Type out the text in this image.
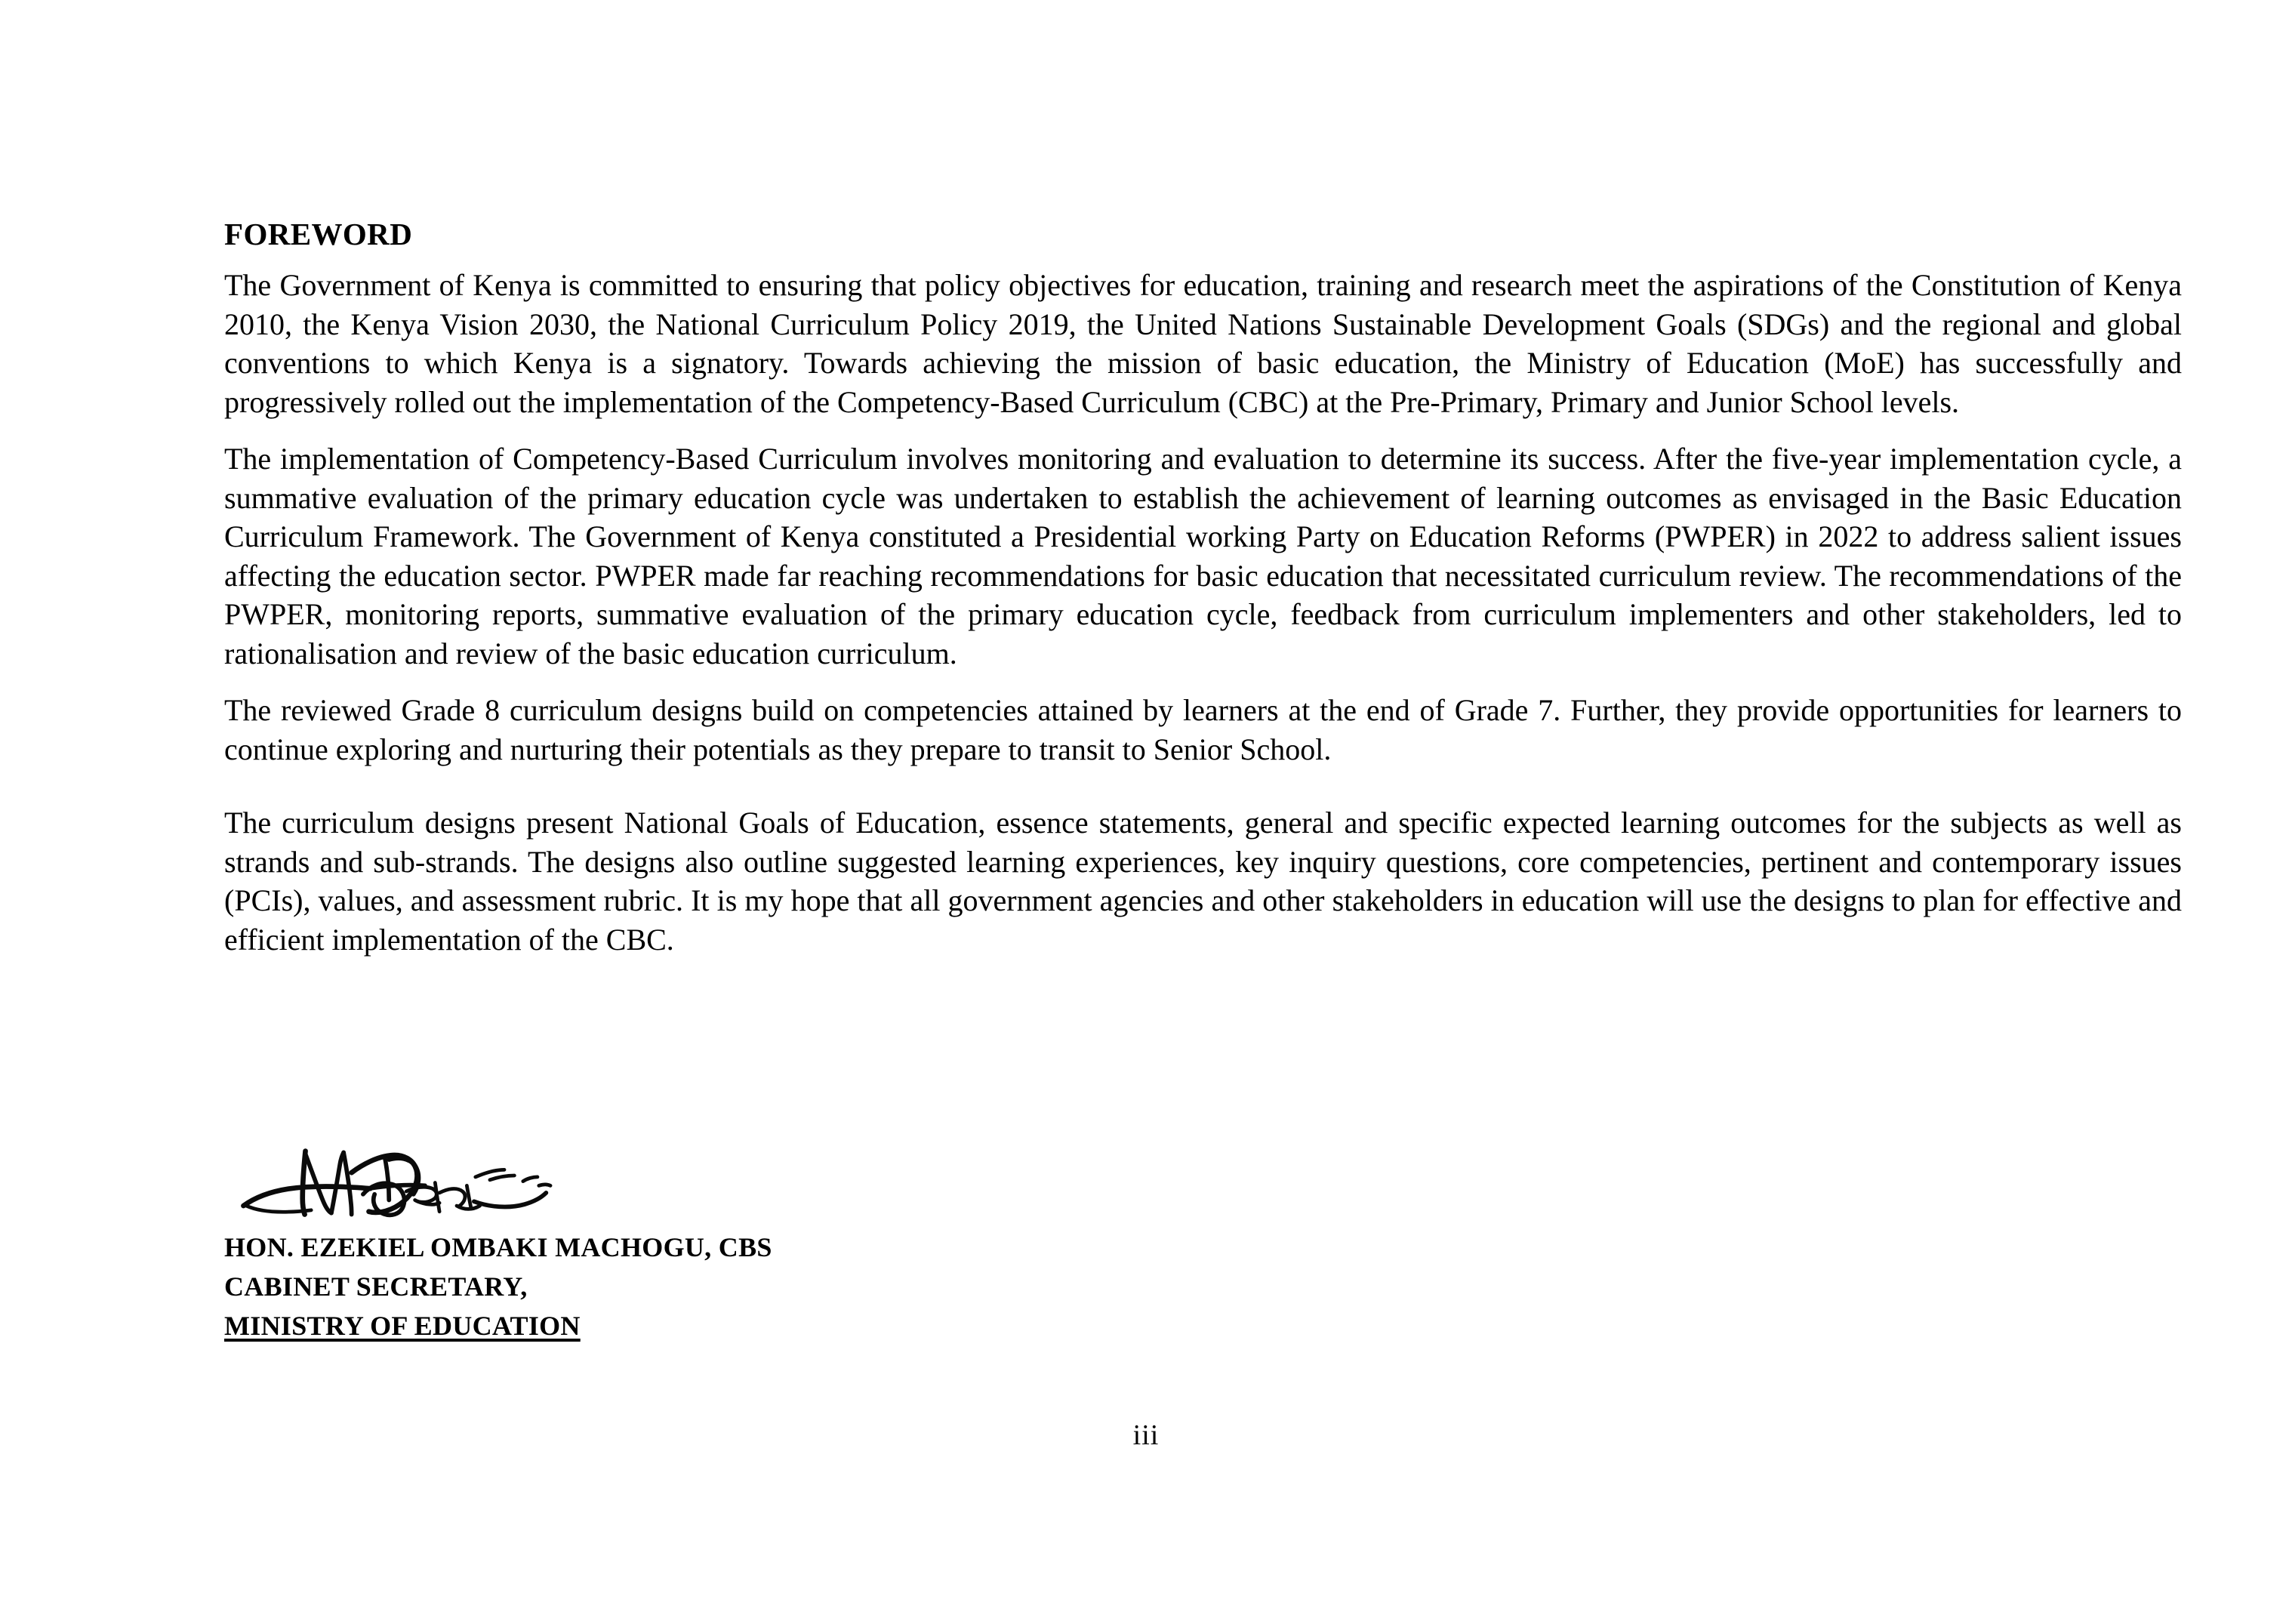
FOREWORD

The Government of Kenya is committed to ensuring that policy objectives for education, training and research meet the aspirations of the Constitution of Kenya 2010, the Kenya Vision 2030, the National Curriculum Policy 2019, the United Nations Sustainable Development Goals (SDGs) and the regional and global conventions to which Kenya is a signatory. Towards achieving the mission of basic education, the Ministry of Education (MoE) has successfully and progressively rolled out the implementation of the Competency-Based Curriculum (CBC) at the Pre-Primary, Primary and Junior School levels.

The implementation of Competency-Based Curriculum involves monitoring and evaluation to determine its success. After the five-year implementation cycle, a summative evaluation of the primary education cycle was undertaken to establish the achievement of learning outcomes as envisaged in the Basic Education Curriculum Framework. The Government of Kenya constituted a Presidential working Party on Education Reforms (PWPER) in 2022 to address salient issues affecting the education sector. PWPER made far reaching recommendations for basic education that necessitated curriculum review. The recommendations of the PWPER, monitoring reports, summative evaluation of the primary education cycle, feedback from curriculum implementers and other stakeholders, led to rationalisation and review of the basic education curriculum.

The reviewed Grade 8 curriculum designs build on competencies attained by learners at the end of Grade 7. Further, they provide opportunities for learners to continue exploring and nurturing their potentials as they prepare to transit to Senior School.

The curriculum designs present National Goals of Education, essence statements, general and specific expected learning outcomes for the subjects as well as strands and sub-strands. The designs also outline suggested learning experiences, key inquiry questions, core competencies, pertinent and contemporary issues (PCIs), values, and assessment rubric. It is my hope that all government agencies and other stakeholders in education will use the designs to plan for effective and efficient implementation of the CBC.

HON. EZEKIEL OMBAKI MACHOGU, CBS
CABINET SECRETARY,
MINISTRY OF EDUCATION
iii
